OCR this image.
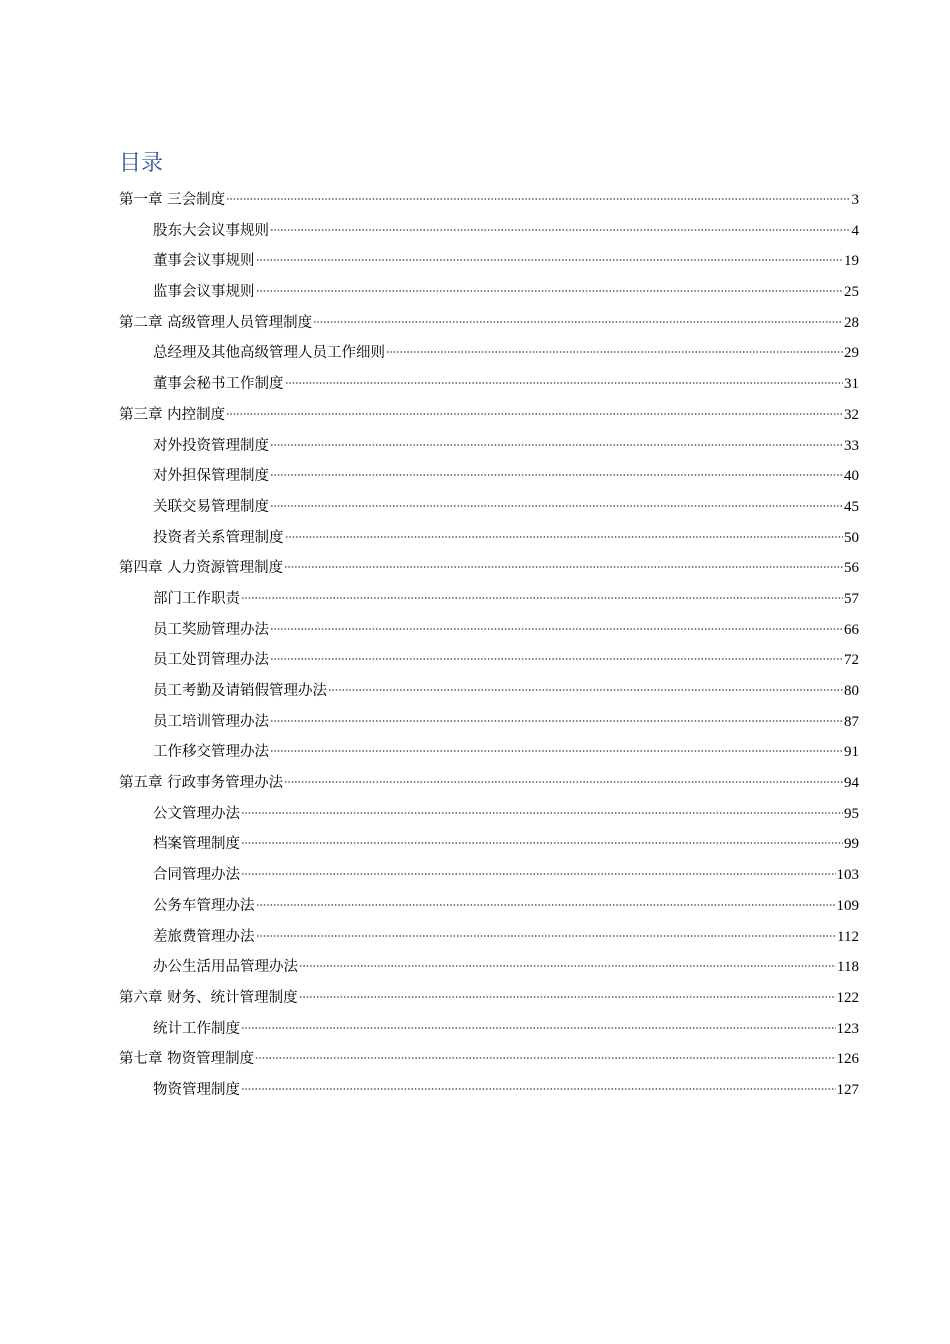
目录
第一章 三会制度	3
股东大会议事规则	4
董事会议事规则	19
监事会议事规则	25
第二章 高级管理人员管理制度	28
总经理及其他高级管理人员工作细则	29
董事会秘书工作制度	31
第三章 内控制度	32
对外投资管理制度	33
对外担保管理制度	40
关联交易管理制度	45
投资者关系管理制度	50
第四章 人力资源管理制度	56
部门工作职责	57
员工奖励管理办法	66
员工处罚管理办法	72
员工考勤及请销假管理办法	80
员工培训管理办法	87
工作移交管理办法	91
第五章 行政事务管理办法	94
公文管理办法	95
档案管理制度	99
合同管理办法	103
公务车管理办法	109
差旅费管理办法	112
办公生活用品管理办法	118
第六章 财务、统计管理制度	122
统计工作制度	123
第七章 物资管理制度	126
物资管理制度	127
